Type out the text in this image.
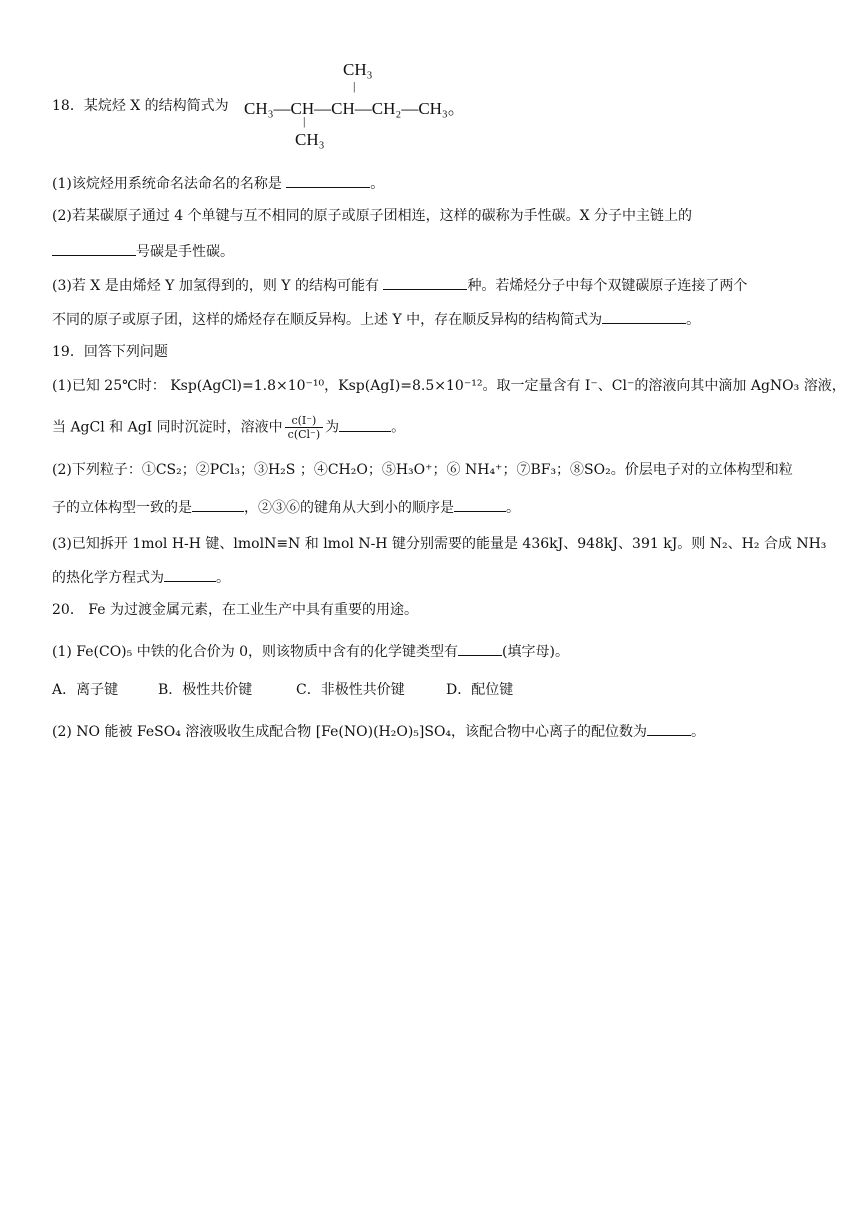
18．某烷烃 X 的结构简式为
CH₃
|
CH₃—CH—CH—CH₂—CH₃。
|
CH₃
(1)该烷烃用系统命名法命名的名称是	。
(2)若某碳原子通过 4 个单键与互不相同的原子或原子团相连，这样的碳称为手性碳。X 分子中主链上的
号碳是手性碳。
(3)若 X 是由烯烃 Y 加氢得到的，则 Y 的结构可能有	种。若烯烃分子中每个双键碳原子连接了两个
不同的原子或原子团，这样的烯烃存在顺反异构。上述 Y 中，存在顺反异构的结构简式为	。
19．回答下列问题
(1)已知 25℃时： Ksp(AgCl)=1.8×10⁻¹⁰，Ksp(AgI)=8.5×10⁻¹²。取一定量含有 I⁻、Cl⁻的溶液向其中滴加 AgNO₃ 溶液，
当 AgCl 和 AgI 同时沉淀时，溶液中 $\frac{c(I^-)}{c(Cl^-)}$ 为	。
(2)下列粒子：①CS₂；②PCl₃；③H₂S ；④CH₂O；⑤H₃O⁺；⑥ NH₄⁺；⑦BF₃；⑧SO₂。价层电子对的立体构型和粒
子的立体构型一致的是	，②③⑥的键角从大到小的顺序是	。
(3)已知拆开 1mol H-H 键、lmolN≡N 和 lmol N-H 键分别需要的能量是 436kJ、948kJ、391 kJ。则 N₂、H₂ 合成 NH₃
的热化学方程式为	。
20． Fe 为过渡金属元素，在工业生产中具有重要的用途。
(1) Fe(CO)₅ 中铁的化合价为 0，则该物质中含有的化学键类型有	(填字母)。
A．离子键	B．极性共价键	C．非极性共价键	D．配位键
(2) NO 能被 FeSO₄ 溶液吸收生成配合物 [Fe(NO)(H₂O)₅]SO₄，该配合物中心离子的配位数为	。
